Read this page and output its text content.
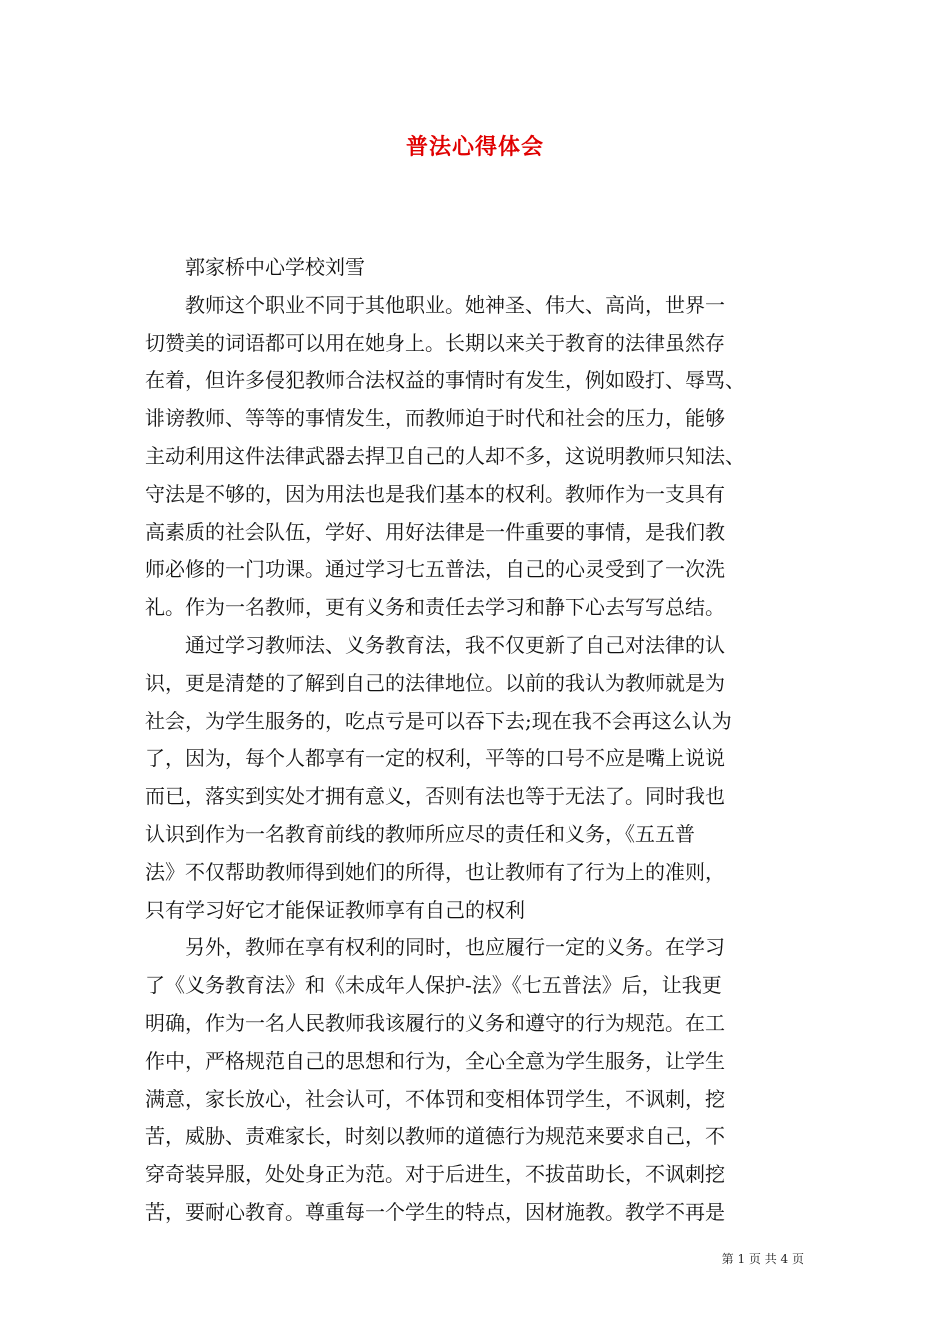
普法心得体会
郭家桥中心学校刘雪
教师这个职业不同于其他职业。她神圣、伟大、高尚，世界一
切赞美的词语都可以用在她身上。长期以来关于教育的法律虽然存
在着，但许多侵犯教师合法权益的事情时有发生，例如殴打、辱骂、
诽谤教师、等等的事情发生，而教师迫于时代和社会的压力，能够
主动利用这件法律武器去捍卫自己的人却不多，这说明教师只知法、
守法是不够的，因为用法也是我们基本的权利。教师作为一支具有
高素质的社会队伍，学好、用好法律是一件重要的事情，是我们教
师必修的一门功课。通过学习七五普法，自己的心灵受到了一次洗
礼。作为一名教师，更有义务和责任去学习和静下心去写写总结。
通过学习教师法、义务教育法，我不仅更新了自己对法律的认
识，更是清楚的了解到自己的法律地位。以前的我认为教师就是为
社会，为学生服务的，吃点亏是可以吞下去;现在我不会再这么认为
了，因为，每个人都享有一定的权利，平等的口号不应是嘴上说说
而已，落实到实处才拥有意义，否则有法也等于无法了。同时我也
认识到作为一名教育前线的教师所应尽的责任和义务，《五五普
法》不仅帮助教师得到她们的所得，也让教师有了行为上的准则，
只有学习好它才能保证教师享有自己的权利
另外，教师在享有权利的同时，也应履行一定的义务。在学习
了《义务教育法》和《未成年人保护-法》《七五普法》后，让我更
明确，作为一名人民教师我该履行的义务和遵守的行为规范。在工
作中，严格规范自己的思想和行为，全心全意为学生服务，让学生
满意，家长放心，社会认可，不体罚和变相体罚学生，不讽刺，挖
苦，威胁、责难家长，时刻以教师的道德行为规范来要求自己，不
穿奇装异服，处处身正为范。对于后进生，不拔苗助长，不讽刺挖
苦，要耐心教育。尊重每一个学生的特点，因材施教。教学不再是
第 1 页 共 4 页
